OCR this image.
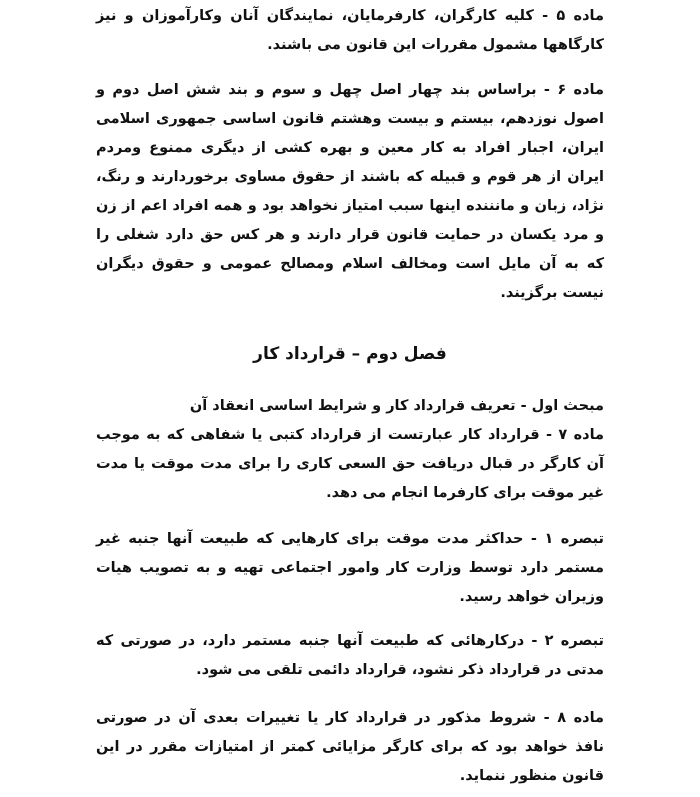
ماده ۵ - کلیه کارگران، کارفرمایان، نمایندگان آنان وکارآموزان و نیز کارگاهها مشمول مقررات این قانون می باشند.

ماده ۶ - براساس بند چهار اصل چهل و سوم و بند شش اصل دوم و اصول نوزدهم، بیستم و بیست وهشتم قانون اساسی جمهوری اسلامی ایران، اجبار افراد به کار معین و بهره کشی از دیگری ممنوع ومردم ایران از هر قوم و قبیله که باشند از حقوق مساوی برخوردارند و رنگ، نژاد، زبان و مانننده اینها سبب امتیاز نخواهد بود و همه افراد اعم از زن و مرد یکسان در حمایت قانون قرار دارند و هر کس حق دارد شغلی را که به آن مایل است ومخالف اسلام ومصالح عمومی و حقوق دیگران نیست برگزیند.

فصل دوم – قرارداد کار

مبحث اول - تعریف قرارداد کار و شرایط اساسی انعقاد آن

ماده ۷ - قرارداد کار عبارتست از قرارداد کتبی یا شفاهی که به موجب آن کارگر در قبال دریافت حق السعی کاری را برای مدت موقت یا مدت غیر موقت برای کارفرما انجام می دهد.

تبصره ۱ - حداکثر مدت موقت برای کارهایی که طبیعت آنها جنبه غیر مستمر دارد توسط وزارت کار وامور اجتماعی تهیه و به تصویب هیات وزیران خواهد رسید.

تبصره ۲ - درکارهائی که طبیعت آنها جنبه مستمر دارد، در صورتی که مدتی در قرارداد ذکر نشود، قرارداد دائمی تلقی می شود.

ماده ۸ - شروط مذکور در قرارداد کار یا تغییرات بعدی آن در صورتی نافذ خواهد بود که برای کارگر مزایائی کمتر از امتیازات مقرر در این قانون منظور ننماید.
